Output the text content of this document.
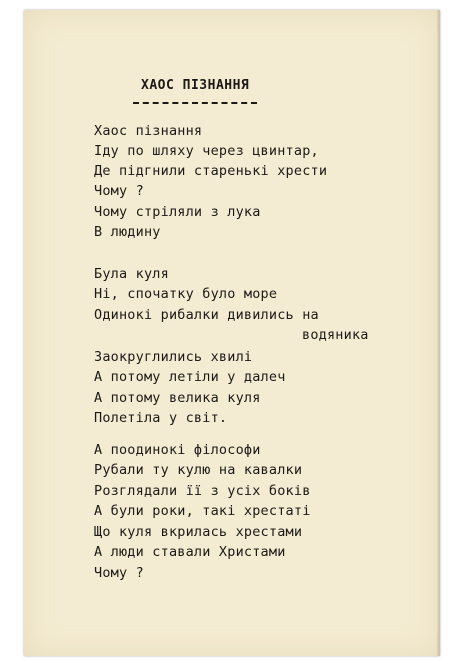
ХАОС ПІЗНАННЯ
Хаос пізнання
Іду по шляху через цвинтар,
Де підгнили старенькі хрести
Чому ?
Чому стріляли з лука
В людину
Була куля
Ні, спочатку було море
Одинокі рибалки дивились на
водяника
Заокруглились хвилі
А потому летіли у далеч
А потому велика куля
Полетіла у світ.
А поодинокі філософи
Рубали ту кулю на кавалки
Розглядали її з усіх боків
А були роки, такі хрестаті
Що куля вкрилась хрестами
А люди ставали Христами
Чому ?
